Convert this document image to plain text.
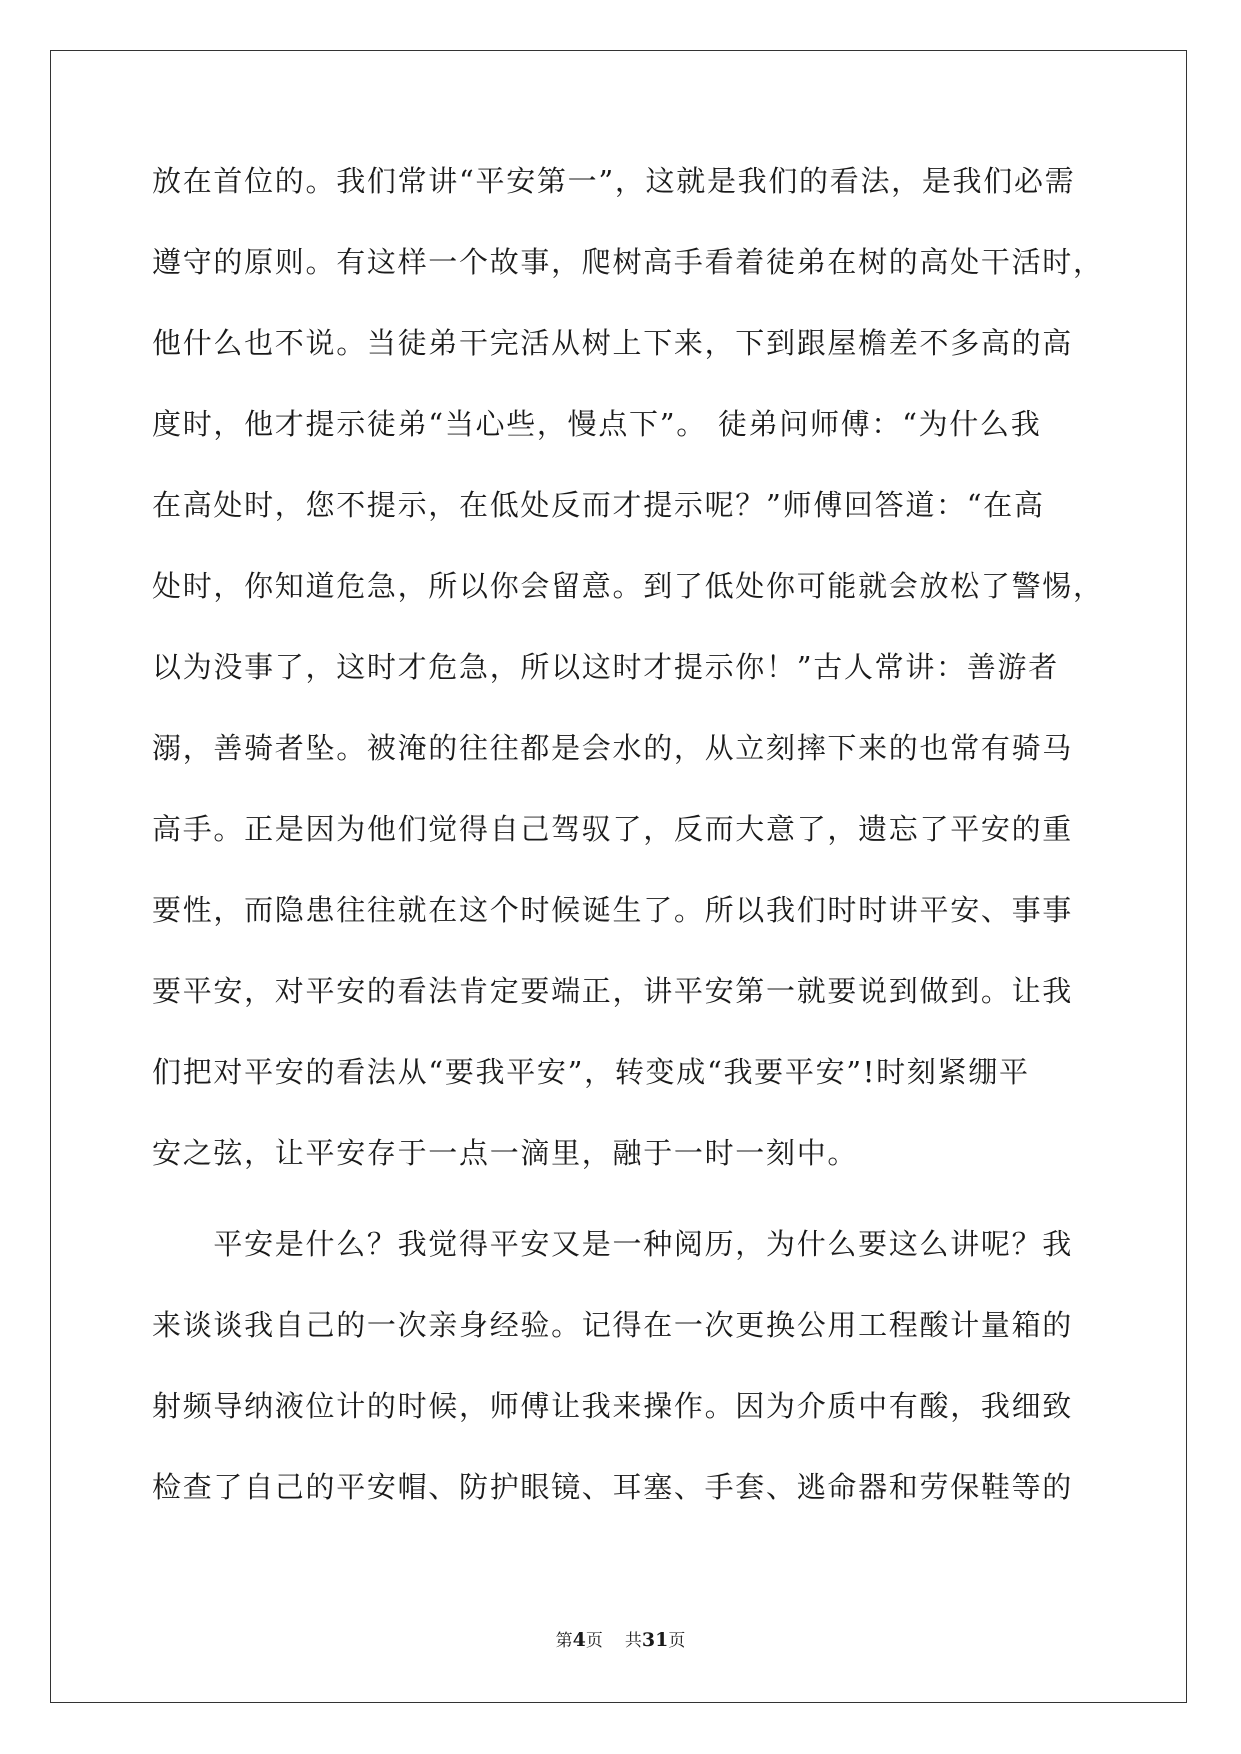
放在首位的。我们常讲“平安第一”，这就是我们的看法，是我们必需
遵守的原则。有这样一个故事，爬树高手看着徒弟在树的高处干活时，
他什么也不说。当徒弟干完活从树上下来，下到跟屋檐差不多高的高
度时，他才提示徒弟“当心些，慢点下”。 徒弟问师傅：“为什么我
在高处时，您不提示，在低处反而才提示呢？”师傅回答道：“在高
处时，你知道危急，所以你会留意。到了低处你可能就会放松了警惕，
以为没事了，这时才危急，所以这时才提示你！”古人常讲：善游者
溺，善骑者坠。被淹的往往都是会水的，从立刻摔下来的也常有骑马
高手。正是因为他们觉得自己驾驭了，反而大意了，遗忘了平安的重
要性，而隐患往往就在这个时候诞生了。所以我们时时讲平安、事事
要平安，对平安的看法肯定要端正，讲平安第一就要说到做到。让我
们把对平安的看法从“要我平安”，转变成“我要平安”!时刻紧绷平
安之弦，让平安存于一点一滴里，融于一时一刻中。
　　平安是什么？我觉得平安又是一种阅历，为什么要这么讲呢？我
来谈谈我自己的一次亲身经验。记得在一次更换公用工程酸计量箱的
射频导纳液位计的时候，师傅让我来操作。因为介质中有酸，我细致
检查了自己的平安帽、防护眼镜、耳塞、手套、逃命器和劳保鞋等的
第4页 共31页
